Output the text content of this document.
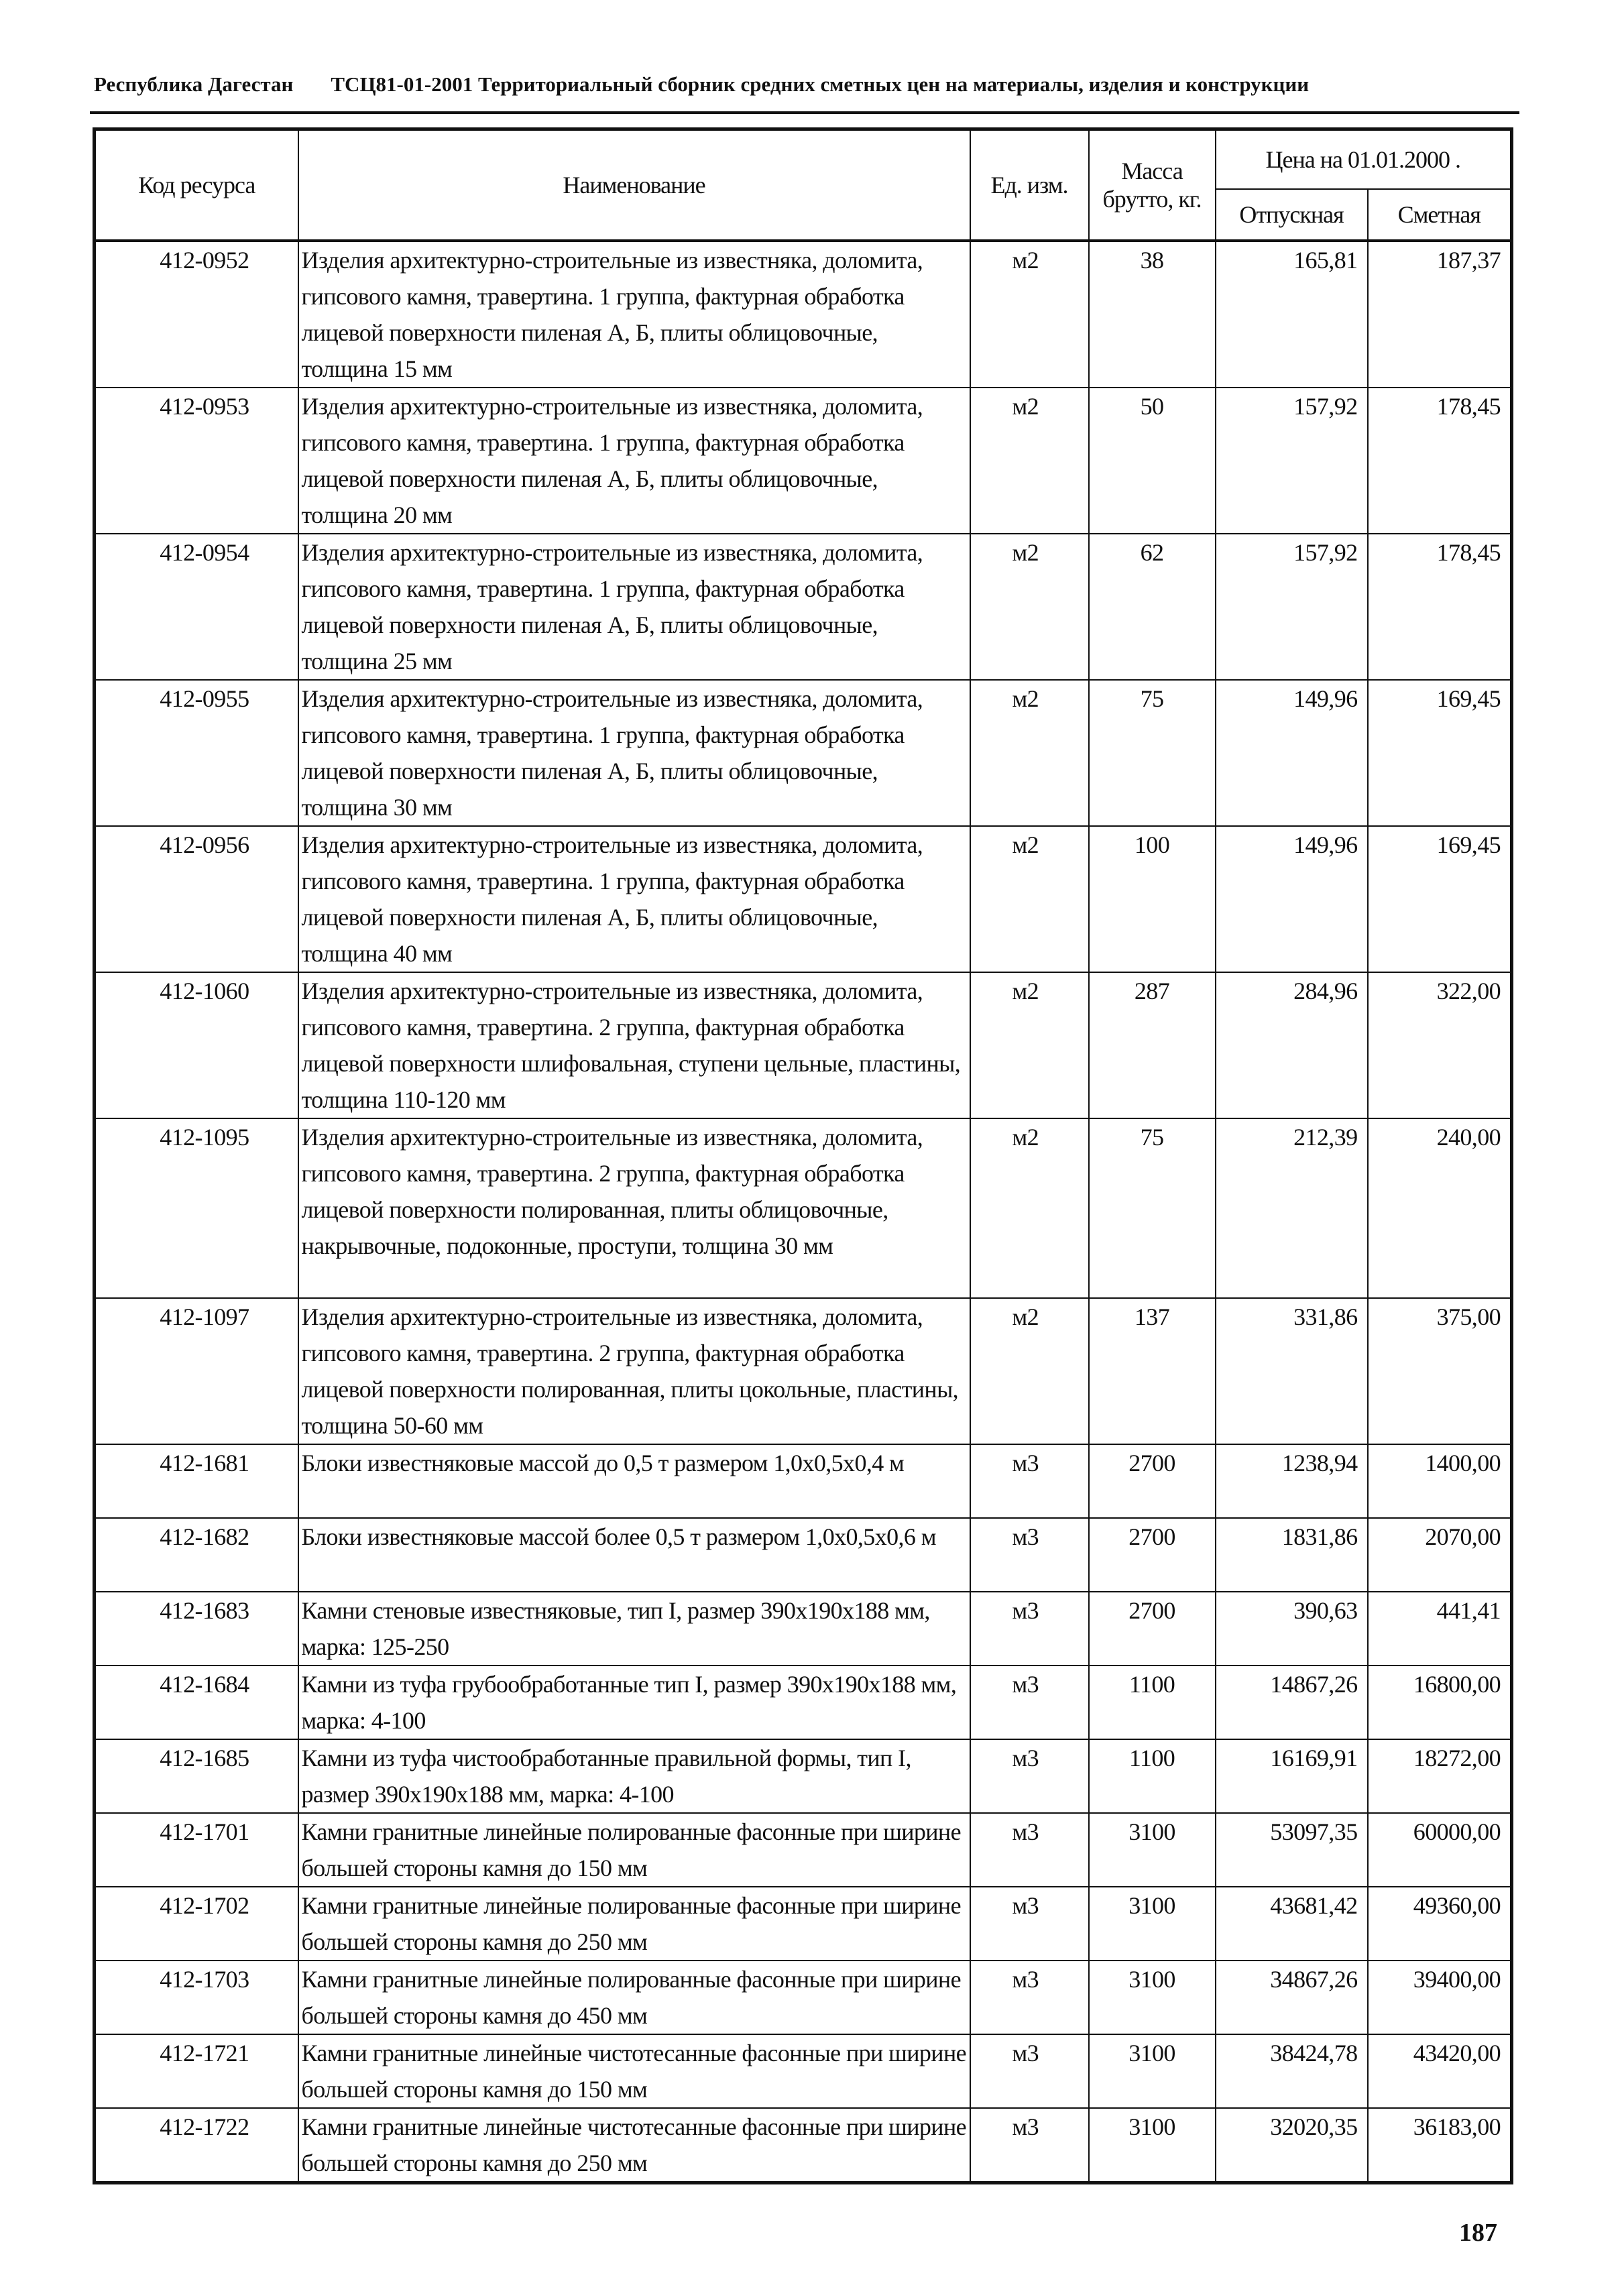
Республика Дагестан ТСЦ81-01-2001 Территориальный сборник средних сметных цен на материалы, изделия и конструкции
Код ресурса	Наименование	Ед. изм.	Масса брутто, кг.	Цена на 01.01.2000 .	
				Отпускная	Сметная
412-0952	Изделия архитектурно-строительные из известняка, доломита, гипсового камня, травертина. 1 группа, фактурная обработка лицевой поверхности пиленая А, Б, плиты облицовочные, толщина 15 мм	м2	38	165,81	187,37
412-0953	Изделия архитектурно-строительные из известняка, доломита, гипсового камня, травертина. 1 группа, фактурная обработка лицевой поверхности пиленая А, Б, плиты облицовочные, толщина 20 мм	м2	50	157,92	178,45
412-0954	Изделия архитектурно-строительные из известняка, доломита, гипсового камня, травертина. 1 группа, фактурная обработка лицевой поверхности пиленая А, Б, плиты облицовочные, толщина 25 мм	м2	62	157,92	178,45
412-0955	Изделия архитектурно-строительные из известняка, доломита, гипсового камня, травертина. 1 группа, фактурная обработка лицевой поверхности пиленая А, Б, плиты облицовочные, толщина 30 мм	м2	75	149,96	169,45
412-0956	Изделия архитектурно-строительные из известняка, доломита, гипсового камня, травертина. 1 группа, фактурная обработка лицевой поверхности пиленая А, Б, плиты облицовочные, толщина 40 мм	м2	100	149,96	169,45
412-1060	Изделия архитектурно-строительные из известняка, доломита, гипсового камня, травертина. 2 группа, фактурная обработка лицевой поверхности шлифовальная, ступени цельные, пластины, толщина 110-120 мм	м2	287	284,96	322,00
412-1095	Изделия архитектурно-строительные из известняка, доломита, гипсового камня, травертина. 2 группа, фактурная обработка лицевой поверхности полированная, плиты облицовочные, накрывочные, подоконные, проступи, толщина 30 мм	м2	75	212,39	240,00
412-1097	Изделия архитектурно-строительные из известняка, доломита, гипсового камня, травертина. 2 группа, фактурная обработка лицевой поверхности полированная, плиты цокольные, пластины, толщина 50-60 мм	м2	137	331,86	375,00
412-1681	Блоки известняковые массой до 0,5 т размером 1,0х0,5х0,4 м	м3	2700	1238,94	1400,00
412-1682	Блоки известняковые массой более 0,5 т размером 1,0х0,5х0,6 м	м3	2700	1831,86	2070,00
412-1683	Камни стеновые известняковые, тип I, размер 390х190х188 мм, марка: 125-250	м3	2700	390,63	441,41
412-1684	Камни из туфа грубообработанные тип I, размер 390х190х188 мм, марка: 4-100	м3	1100	14867,26	16800,00
412-1685	Камни из туфа чистообработанные правильной формы, тип I, размер 390х190х188 мм, марка: 4-100	м3	1100	16169,91	18272,00
412-1701	Камни гранитные линейные полированные фасонные при ширине большей стороны камня до 150 мм	м3	3100	53097,35	60000,00
412-1702	Камни гранитные линейные полированные фасонные при ширине большей стороны камня до 250 мм	м3	3100	43681,42	49360,00
412-1703	Камни гранитные линейные полированные фасонные при ширине большей стороны камня до 450 мм	м3	3100	34867,26	39400,00
412-1721	Камни гранитные линейные чистотесанные фасонные при ширине большей стороны камня до 150 мм	м3	3100	38424,78	43420,00
412-1722	Камни гранитные линейные чистотесанные фасонные при ширине большей стороны камня до 250 мм	м3	3100	32020,35	36183,00
187
